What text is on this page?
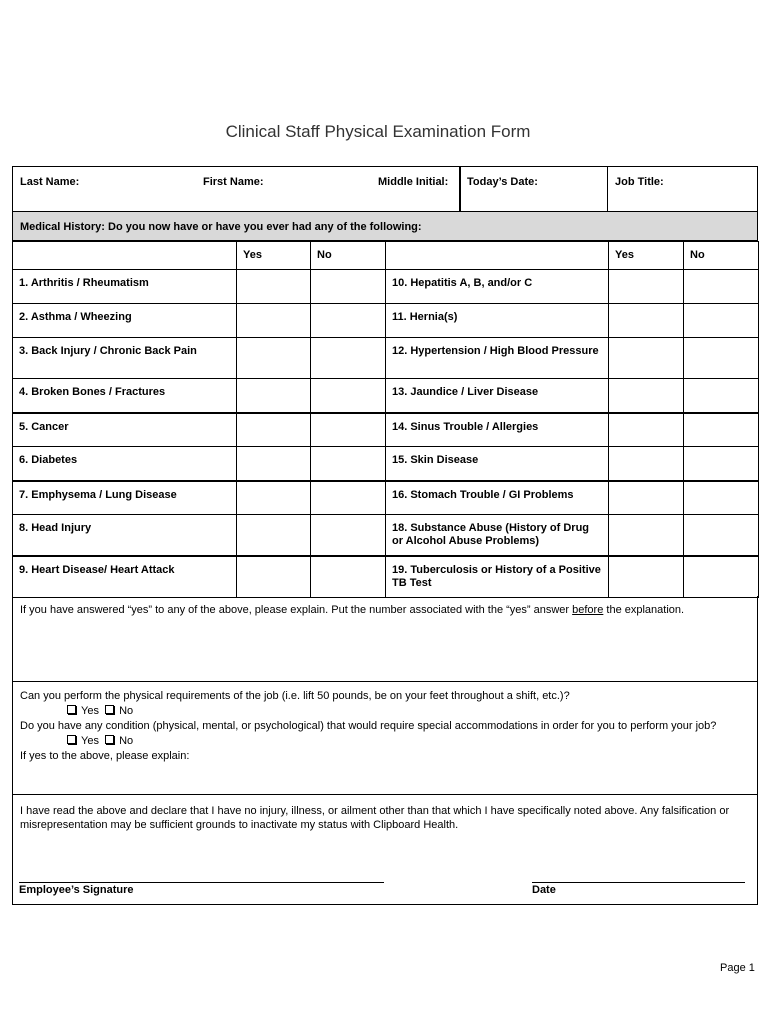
Clinical Staff Physical Examination Form
Last Name:	First Name:	Middle Initial: Today’s Date:	Job Title:
Medical History: Do you now have or have you ever had any of the following:
	Yes	No		Yes	No
1. Arthritis / Rheumatism			10. Hepatitis A, B, and/or C		
2. Asthma / Wheezing			11. Hernia(s)		
3. Back Injury / Chronic Back Pain			12. Hypertension / High Blood Pressure		
4. Broken Bones / Fractures			13. Jaundice / Liver Disease		
5. Cancer			14. Sinus Trouble / Allergies		
6. Diabetes			15. Skin Disease		
7. Emphysema / Lung Disease			16. Stomach Trouble / GI Problems		
8. Head Injury			18. Substance Abuse (History of Drug or Alcohol Abuse Problems)		
9. Heart Disease/ Heart Attack			19. Tuberculosis or History of a Positive TB Test		
If you have answered “yes” to any of the above, please explain. Put the number associated with the “yes” answer before the explanation.
Can you perform the physical requirements of the job (i.e. lift 50 pounds, be on your feet throughout a shift, etc.)?
Yes No
Do you have any condition (physical, mental, or psychological) that would require special accommodations in order for you to perform your job?
Yes No
If yes to the above, please explain:
I have read the above and declare that I have no injury, illness, or ailment other than that which I have specifically noted above. Any falsification or misrepresentation may be sufficient grounds to inactivate my status with Clipboard Health.
Employee’s Signature	Date
Page 1
